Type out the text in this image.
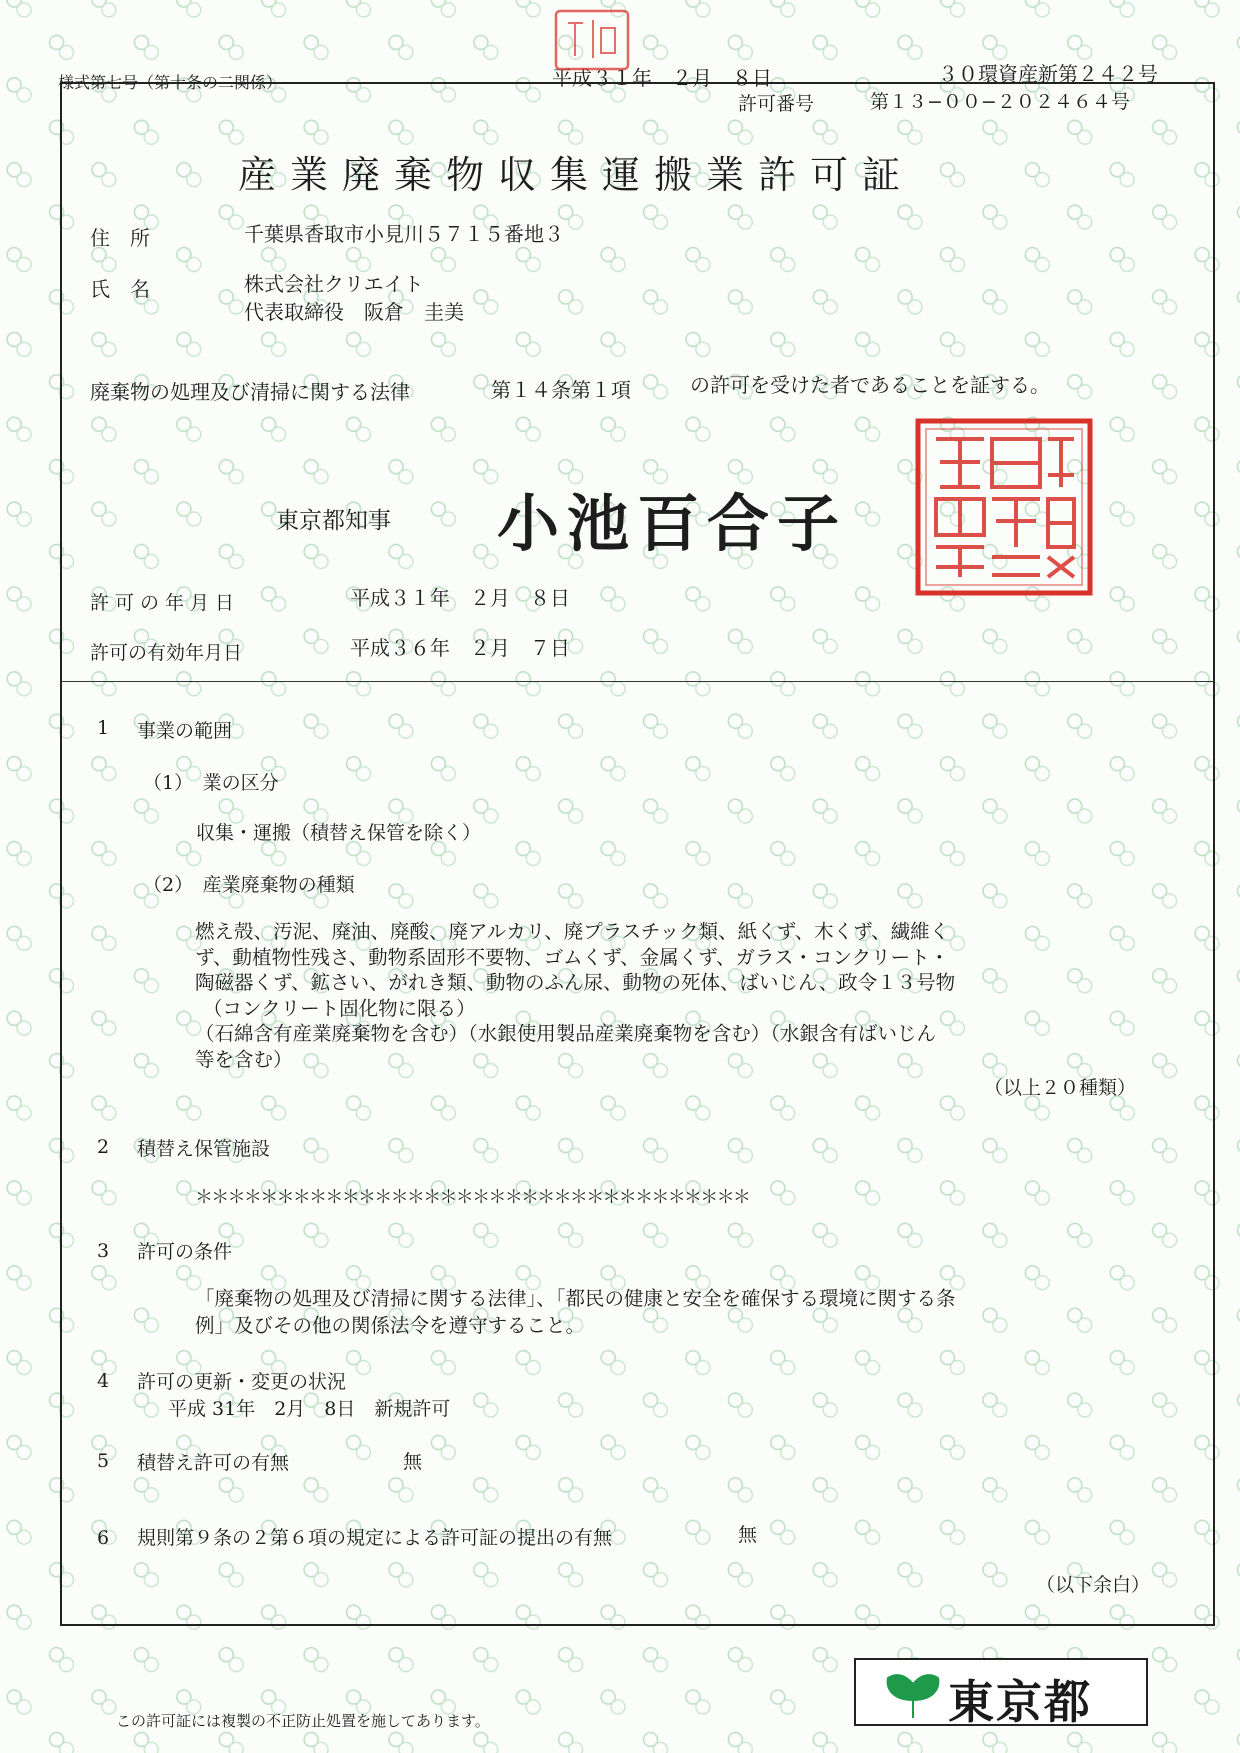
様式第七号（第十条の二関係）	平成３１年　２月　８日	３０環資産新第２４２号
許可番号	第１３−００−２０２４６４号
産業廃棄物収集運搬業許可証
住　所	千葉県香取市小見川５７１５番地３
氏　名	株式会社クリエイト
代表取締役　阪倉　圭美
廃棄物の処理及び清掃に関する法律	第１４条第１項	の許可を受けた者であることを証する。
東京都知事 小池百合子
許可の年月日	平成３１年　２月　８日
許可の有効年月日	平成３６年　２月　７日
1 事業の範囲
（1）　業の区分
収集・運搬（積替え保管を除く）
（2）　産業廃棄物の種類
燃え殻、汚泥、廃油、廃酸、廃アルカリ、廃プラスチック類、紙くず、木くず、繊維く
ず、動植物性残さ、動物系固形不要物、ゴムくず、金属くず、ガラス・コンクリート・
陶磁器くず、鉱さい、がれき類、動物のふん尿、動物の死体、ばいじん、政令１３号物
（コンクリート固化物に限る）
（石綿含有産業廃棄物を含む）（水銀使用製品産業廃棄物を含む）（水銀含有ばいじん
等を含む）
（以上２０種類）
2 積替え保管施設
＊＊＊＊＊＊＊＊＊＊＊＊＊＊＊＊＊＊＊＊＊＊＊＊＊＊＊＊＊＊＊＊＊＊
3 許可の条件
「廃棄物の処理及び清掃に関する法律」、「都民の健康と安全を確保する環境に関する条
例」及びその他の関係法令を遵守すること。
4 許可の更新・変更の状況
平成 31年　2月　8日　新規許可
5 積替え許可の有無	無
6 規則第９条の２第６項の規定による許可証の提出の有無	無
（以下余白）
この許可証には複製の不正防止処置を施してあります。	東京都
